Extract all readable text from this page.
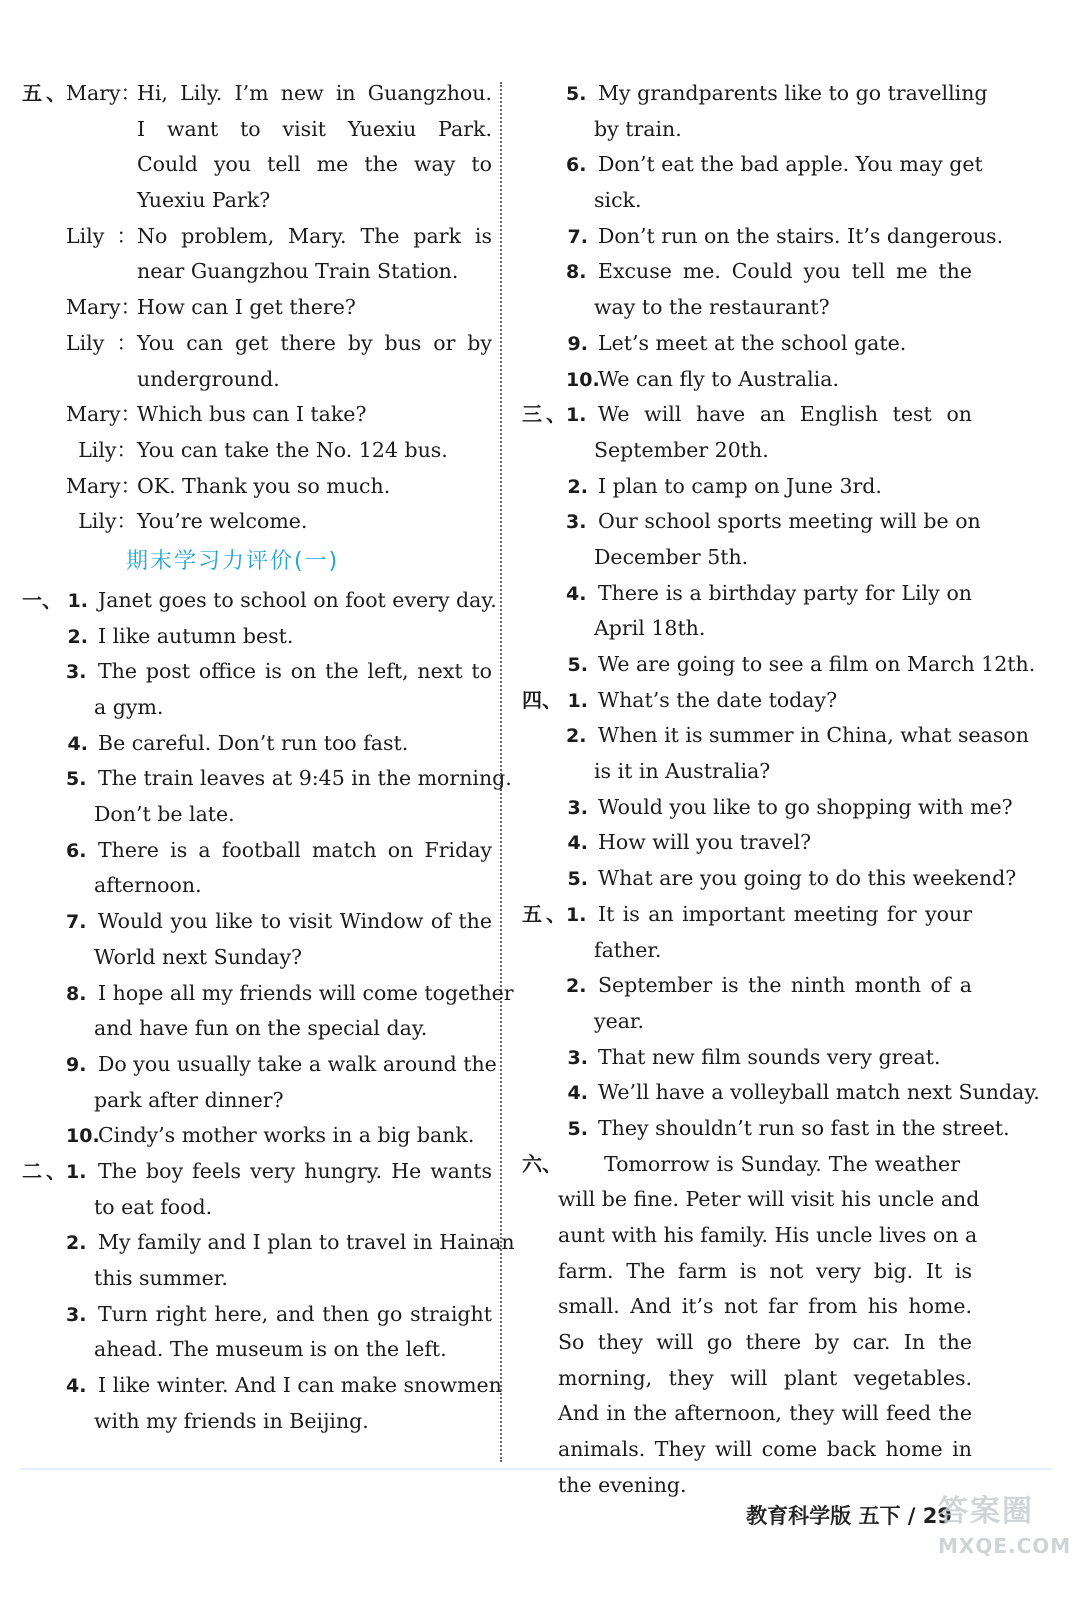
五、Mary：Hi, Lily. I’m new in Guangzhou.
I want to visit Yuexiu Park.
Could you tell me the way to
Yuexiu Park?
Lily：No problem, Mary. The park is
near Guangzhou Train Station.
Mary：How can I get there?
Lily：You can get there by bus or by
underground.
Mary：Which bus can I take?
Lily：You can take the No. 124 bus.
Mary：OK. Thank you so much.
Lily：You’re welcome.
期末学习力评价(一)
一、 1. Janet goes to school on foot every day.
2. I like autumn best.
3. The post office is on the left, next to
a gym.
4. Be careful. Don’t run too fast.
5. The train leaves at 9:45 in the morning.
Don’t be late.
6. There is a football match on Friday
afternoon.
7. Would you like to visit Window of the
World next Sunday?
8. I hope all my friends will come together
and have fun on the special day.
9. Do you usually take a walk around the
park after dinner?
10.Cindy’s mother works in a big bank.
二、1. The boy feels very hungry. He wants
to eat food.
2. My family and I plan to travel in Hainan
this summer.
3. Turn right here, and then go straight
ahead. The museum is on the left.
4. I like winter. And I can make snowmen
with my friends in Beijing.
5. My grandparents like to go travelling
by train.
6. Don’t eat the bad apple. You may get
sick.
7. Don’t run on the stairs. It’s dangerous.
8. Excuse me. Could you tell me the
way to the restaurant?
9. Let’s meet at the school gate.
10.We can fly to Australia.
三、1. We will have an English test on
September 20th.
2. I plan to camp on June 3rd.
3. Our school sports meeting will be on
December 5th.
4. There is a birthday party for Lily on
April 18th.
5. We are going to see a film on March 12th.
四、 1. What’s the date today?
2. When it is summer in China, what season
is it in Australia?
3. Would you like to go shopping with me?
4. How will you travel?
5. What are you going to do this weekend?
五、1. It is an important meeting for your
father.
2. September is the ninth month of a
year.
3. That new film sounds very great.
4. We’ll have a volleyball match next Sunday.
5. They shouldn’t run so fast in the street.
六、 Tomorrow is Sunday. The weather
will be fine. Peter will visit his uncle and
aunt with his family. His uncle lives on a
farm. The farm is not very big. It is
small. And it’s not far from his home.
So they will go there by car. In the
morning, they will plant vegetables.
And in the afternoon, they will feed the
animals. They will come back home in
the evening.
教育科学版 五下 / 29
答案圈
MXQE.COM
